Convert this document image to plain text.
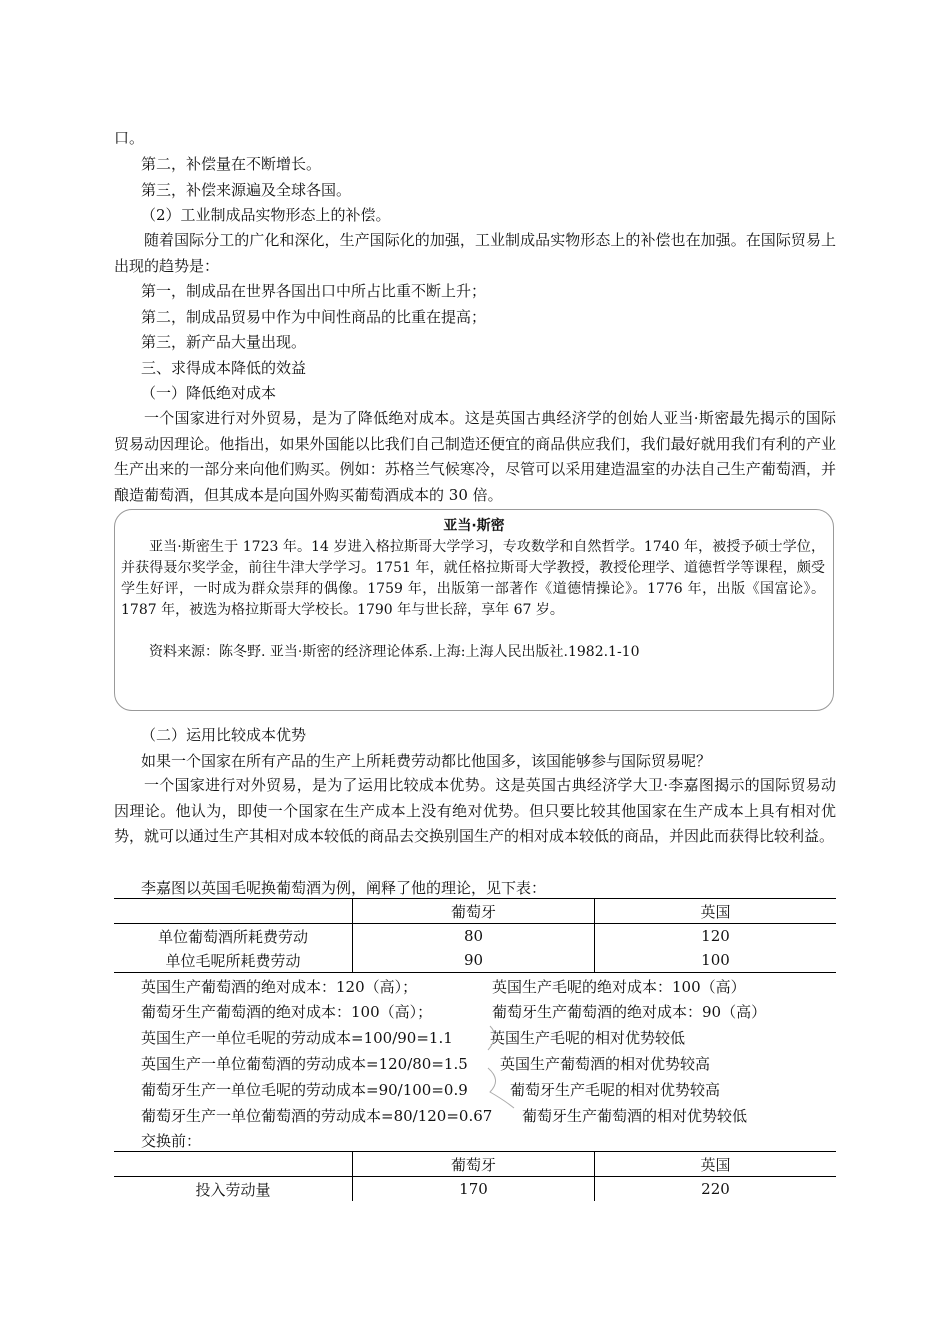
口。
第二，补偿量在不断增长。
第三，补偿来源遍及全球各国。
（2）工业制成品实物形态上的补偿。
随着国际分工的广化和深化，生产国际化的加强，工业制成品实物形态上的补偿也在加强。在国际贸易上出现的趋势是：
第一，制成品在世界各国出口中所占比重不断上升；
第二，制成品贸易中作为中间性商品的比重在提高；
第三，新产品大量出现。
三、求得成本降低的效益
（一）降低绝对成本
一个国家进行对外贸易，是为了降低绝对成本。这是英国古典经济学的创始人亚当·斯密最先揭示的国际贸易动因理论。他指出，如果外国能以比我们自己制造还便宜的商品供应我们，我们最好就用我们有利的产业生产出来的一部分来向他们购买。例如：苏格兰气候寒冷，尽管可以采用建造温室的办法自己生产葡萄酒，并酿造葡萄酒，但其成本是向国外购买葡萄酒成本的 30 倍。
亚当·斯密
亚当·斯密生于 1723 年。14 岁进入格拉斯哥大学学习，专攻数学和自然哲学。1740 年，被授予硕士学位，并获得聂尔奖学金，前往牛津大学学习。1751 年，就任格拉斯哥大学教授，教授伦理学、道德哲学等课程，颇受学生好评，一时成为群众崇拜的偶像。1759 年，出版第一部著作《道德情操论》。1776 年，出版《国富论》。1787 年，被选为格拉斯哥大学校长。1790 年与世长辞，享年 67 岁。
资料来源：陈冬野. 亚当·斯密的经济理论体系.上海:上海人民出版社.1982.1-10
（二）运用比较成本优势
如果一个国家在所有产品的生产上所耗费劳动都比他国多，该国能够参与国际贸易呢？
一个国家进行对外贸易，是为了运用比较成本优势。这是英国古典经济学大卫·李嘉图揭示的国际贸易动因理论。他认为，即使一个国家在生产成本上没有绝对优势。但只要比较其他国家在生产成本上具有相对优势，就可以通过生产其相对成本较低的商品去交换别国生产的相对成本较低的商品，并因此而获得比较利益。
李嘉图以英国毛呢换葡萄酒为例，阐释了他的理论，见下表：
	葡萄牙	英国
单位葡萄酒所耗费劳动	80	120
单位毛呢所耗费劳动	90	100
英国生产葡萄酒的绝对成本：120（高）；	英国生产毛呢的绝对成本：100（高）
葡萄牙生产葡萄酒的绝对成本：100（高）；	葡萄牙生产葡萄酒的绝对成本：90（高）
英国生产一单位毛呢的劳动成本=100/90=1.1 英国生产毛呢的相对优势较低
英国生产一单位葡萄酒的劳动成本=120/80=1.5 英国生产葡萄酒的相对优势较高
葡萄牙生产一单位毛呢的劳动成本=90/100=0.9	葡萄牙生产毛呢的相对优势较高
葡萄牙生产一单位葡萄酒的劳动成本=80/120=0.67 葡萄牙生产葡萄酒的相对优势较低
交换前：
	葡萄牙	英国
投入劳动量	170	220
